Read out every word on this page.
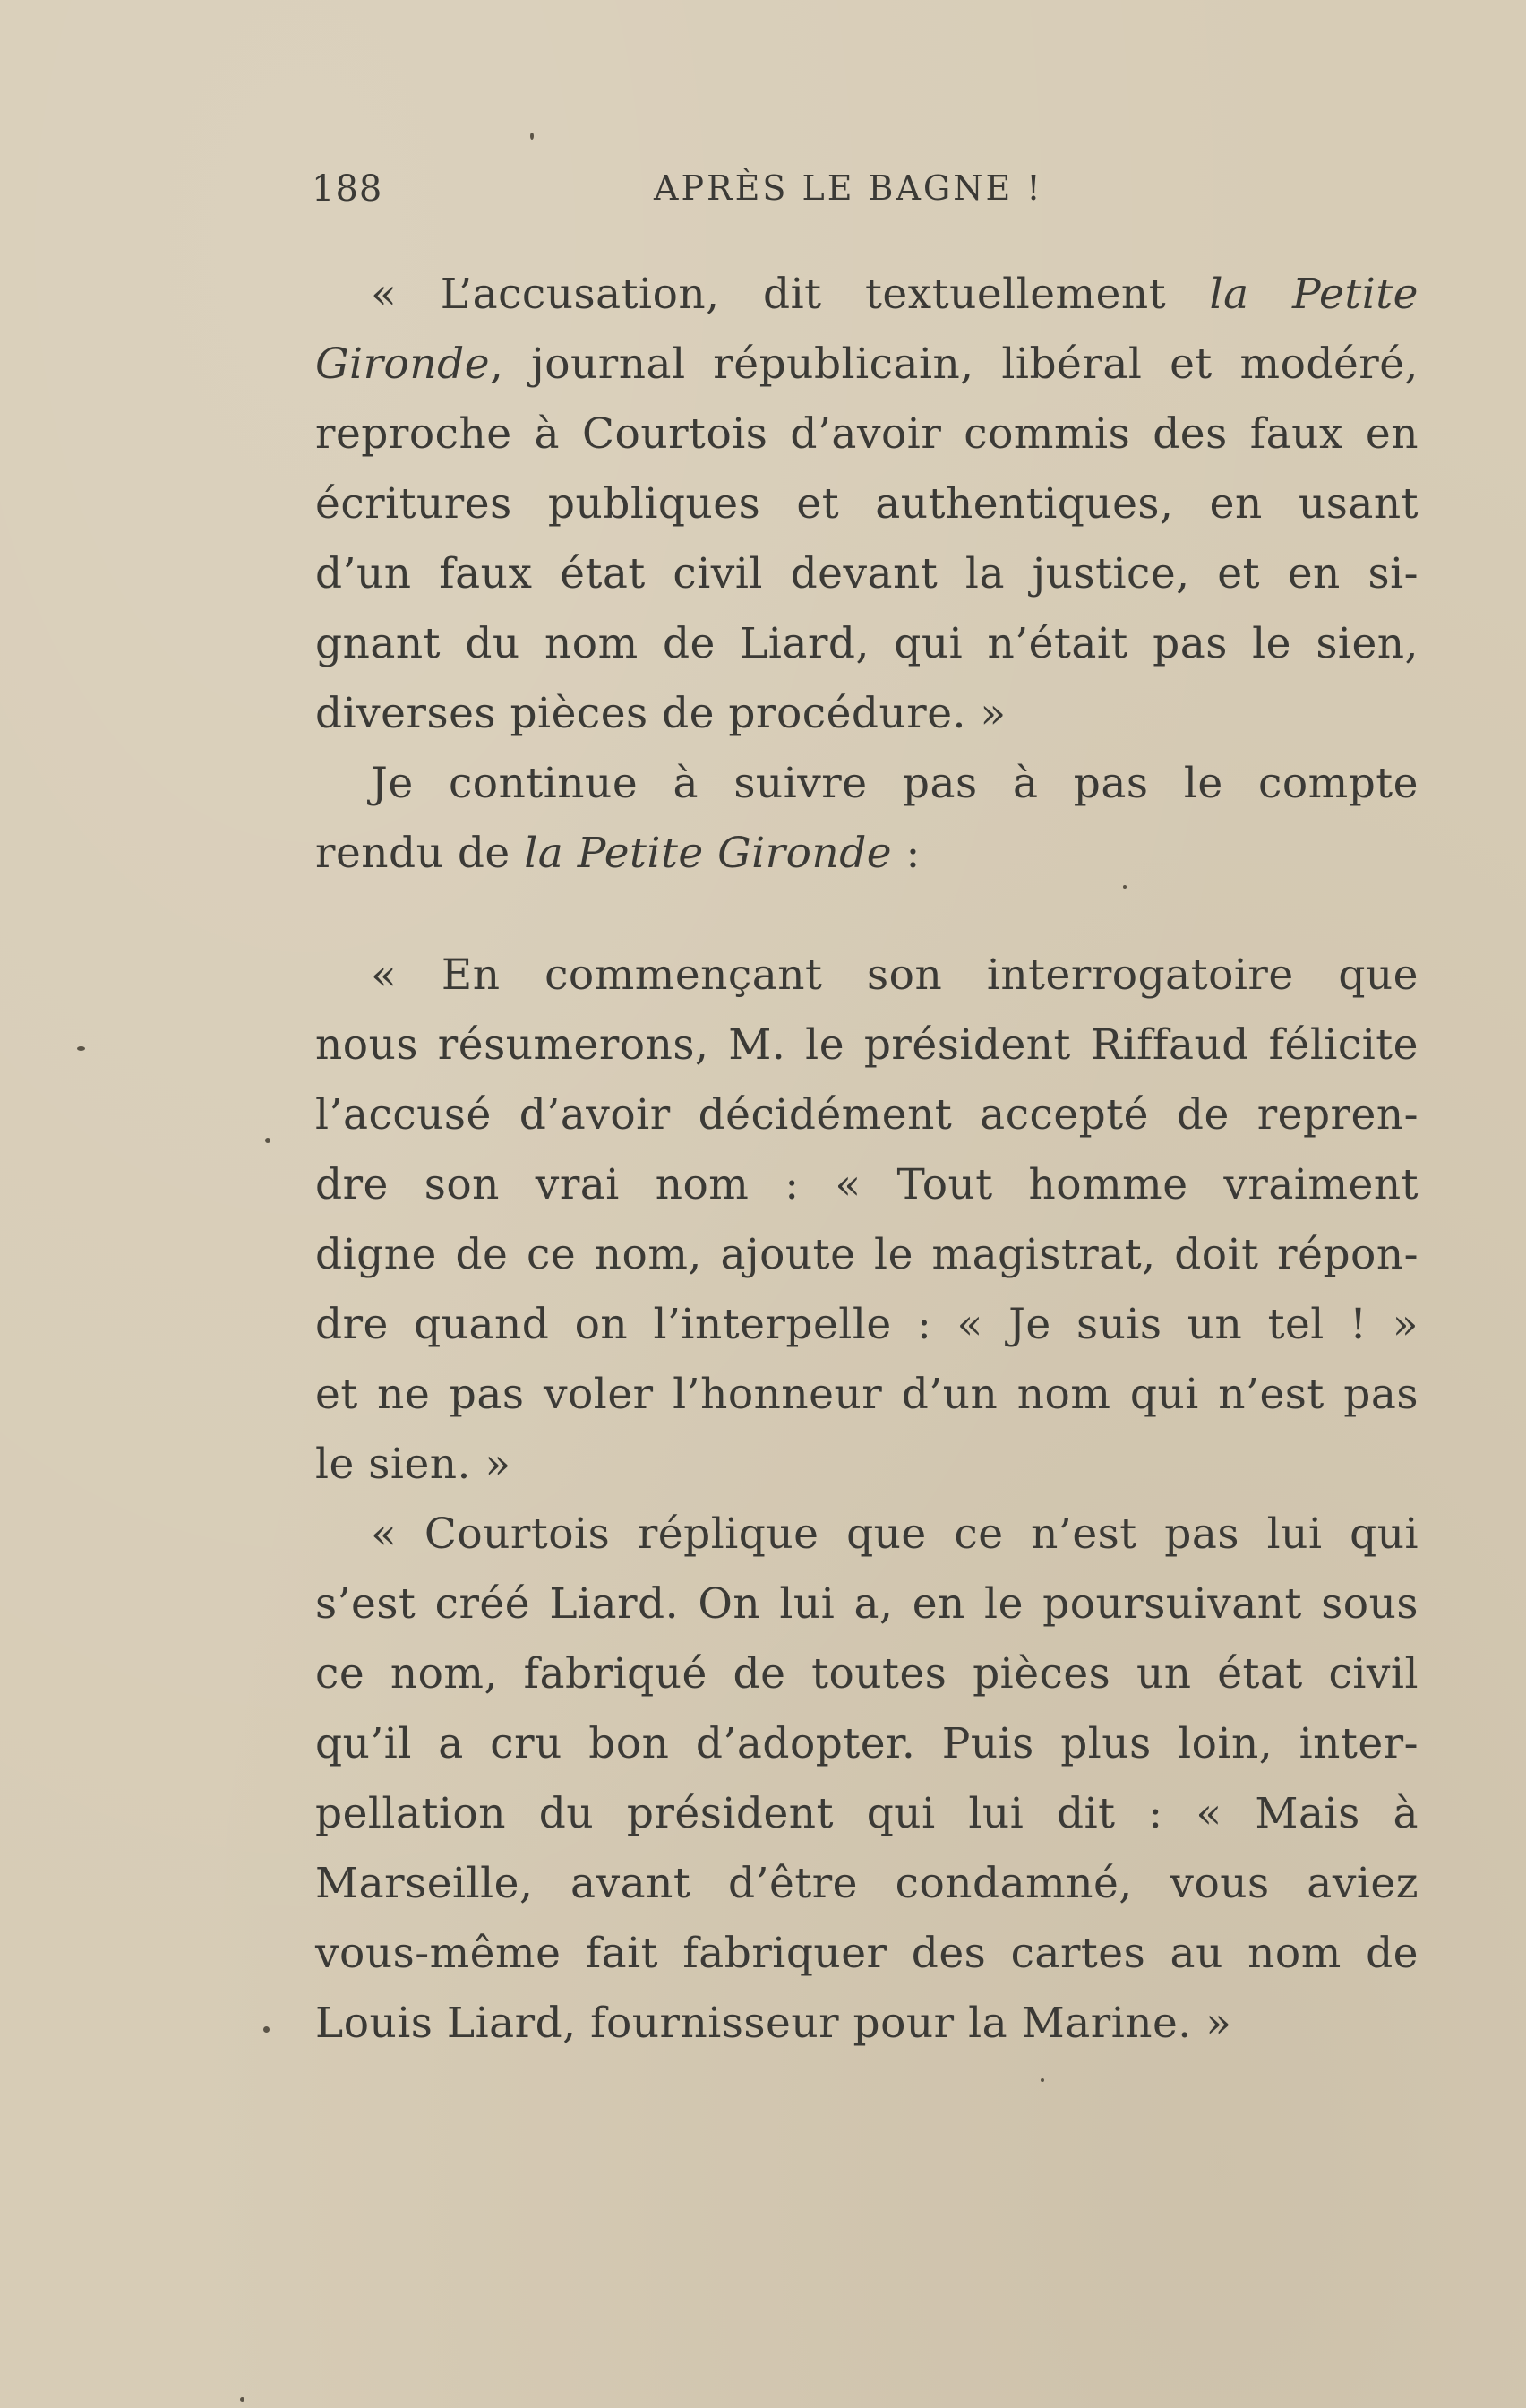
188	APRÈS LE BAGNE !
« L’accusation, dit textuellement la Petite
Gironde, journal républicain, libéral et modéré,
reproche à Courtois d’avoir commis des faux en
écritures publiques et authentiques, en usant
d’un faux état civil devant la justice, et en si-
gnant du nom de Liard, qui n’était pas le sien,
diverses pièces de procédure. »
Je continue à suivre pas à pas le compte
rendu de la Petite Gironde :
« En commençant son interrogatoire que
nous résumerons, M. le président Riffaud félicite
l’accusé d’avoir décidément accepté de repren-
dre son vrai nom : « Tout homme vraiment
digne de ce nom, ajoute le magistrat, doit répon-
dre quand on l’interpelle : « Je suis un tel ! »
et ne pas voler l’honneur d’un nom qui n’est pas
le sien. »
« Courtois réplique que ce n’est pas lui qui
s’est créé Liard. On lui a, en le poursuivant sous
ce nom, fabriqué de toutes pièces un état civil
qu’il a cru bon d’adopter. Puis plus loin, inter-
pellation du président qui lui dit : « Mais à
Marseille, avant d’être condamné, vous aviez
vous-même fait fabriquer des cartes au nom de
Louis Liard, fournisseur pour la Marine. »
